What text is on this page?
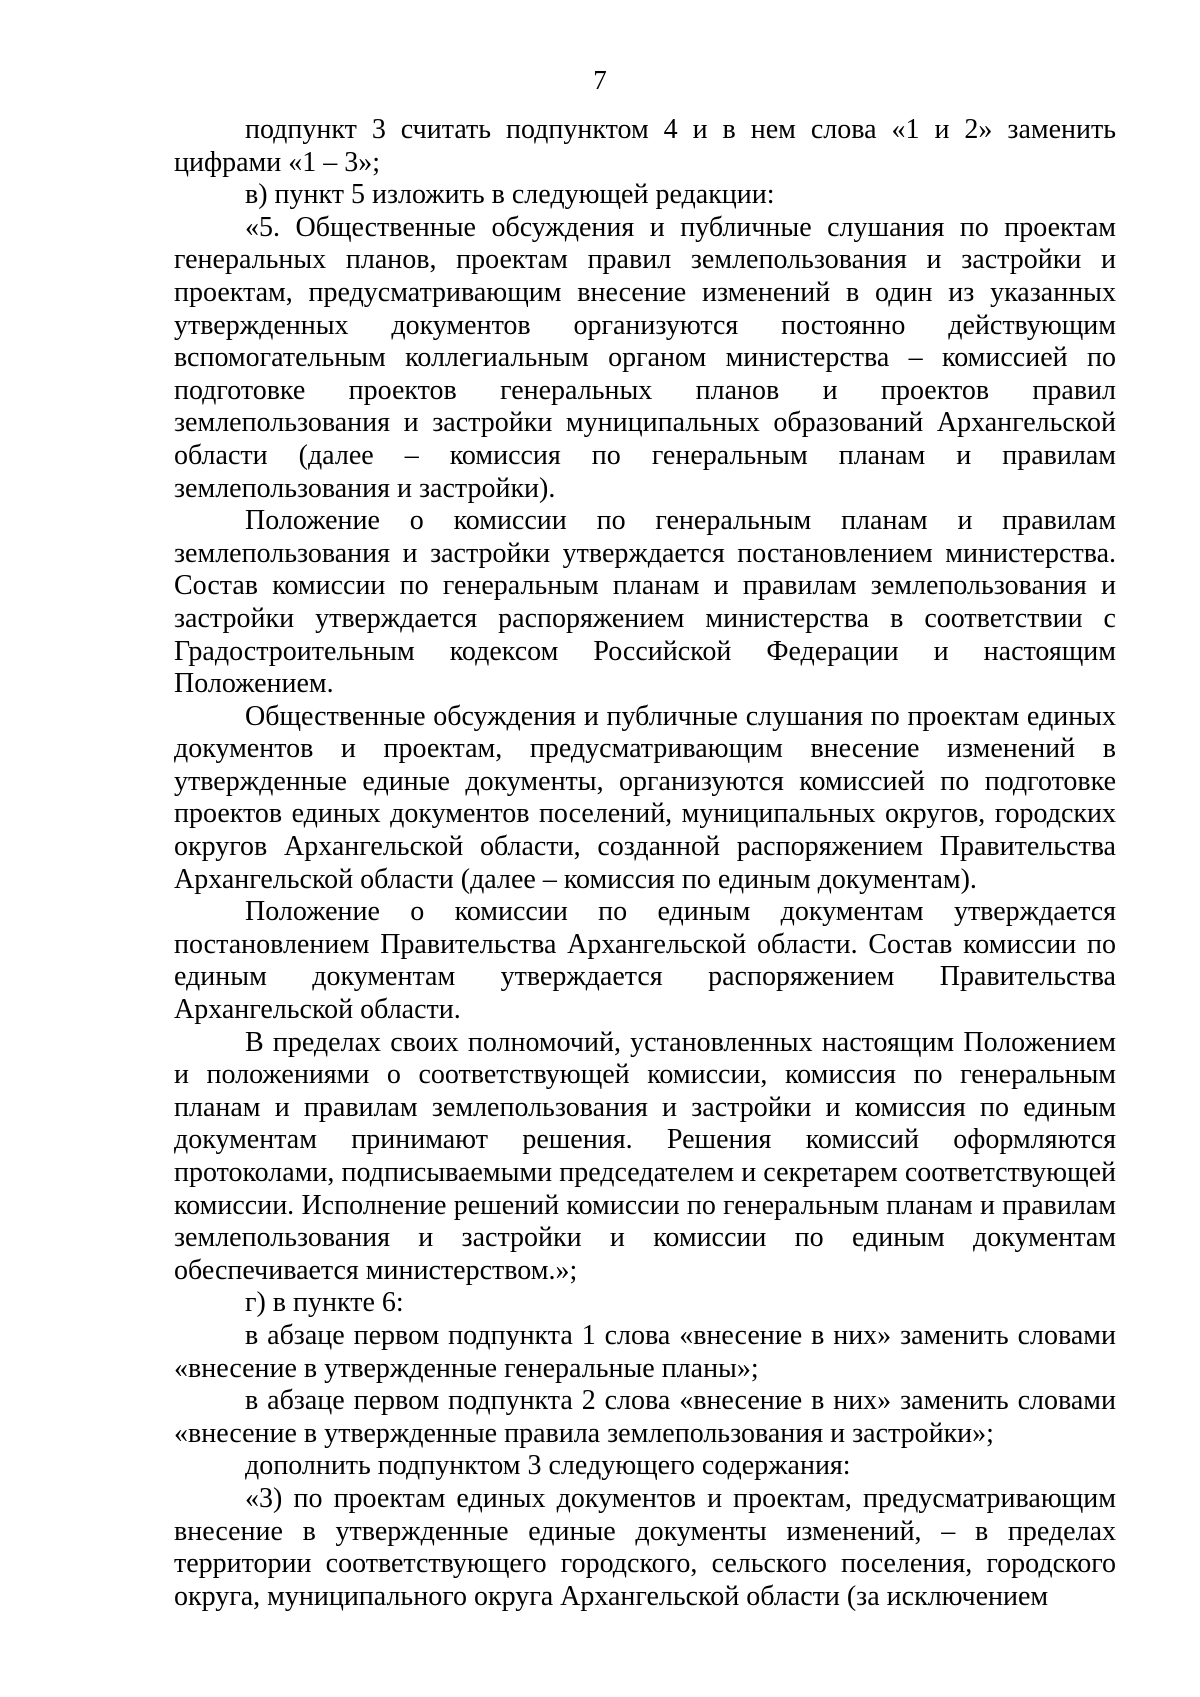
7

подпункт 3 считать подпунктом 4 и в нем слова «1 и 2» заменить цифрами «1 – 3»;

в) пункт 5 изложить в следующей редакции:

«5. Общественные обсуждения и публичные слушания по проектам генеральных планов, проектам правил землепользования и застройки и проектам, предусматривающим внесение изменений в один из указанных утвержденных документов организуются постоянно действующим вспомогательным коллегиальным органом министерства – комиссией по подготовке проектов генеральных планов и проектов правил землепользования и застройки муниципальных образований Архангельской области (далее – комиссия по генеральным планам и правилам землепользования и застройки).

Положение о комиссии по генеральным планам и правилам землепользования и застройки утверждается постановлением министерства. Состав комиссии по генеральным планам и правилам землепользования и застройки утверждается распоряжением министерства в соответствии с Градостроительным кодексом Российской Федерации и настоящим Положением.

Общественные обсуждения и публичные слушания по проектам единых документов и проектам, предусматривающим внесение изменений в утвержденные единые документы, организуются комиссией по подготовке проектов единых документов поселений, муниципальных округов, городских округов Архангельской области, созданной распоряжением Правительства Архангельской области (далее – комиссия по единым документам).

Положение о комиссии по единым документам утверждается постановлением Правительства Архангельской области. Состав комиссии по единым документам утверждается распоряжением Правительства Архангельской области.

В пределах своих полномочий, установленных настоящим Положением и положениями о соответствующей комиссии, комиссия по генеральным планам и правилам землепользования и застройки и комиссия по единым документам принимают решения. Решения комиссий оформляются протоколами, подписываемыми председателем и секретарем соответствующей комиссии. Исполнение решений комиссии по генеральным планам и правилам землепользования и застройки и комиссии по единым документам обеспечивается министерством.»;

г) в пункте 6:

в абзаце первом подпункта 1 слова «внесение в них» заменить словами «внесение в утвержденные генеральные планы»;

в абзаце первом подпункта 2 слова «внесение в них» заменить словами «внесение в утвержденные правила землепользования и застройки»;

дополнить подпунктом 3 следующего содержания:

«3) по проектам единых документов и проектам, предусматривающим внесение в утвержденные единые документы изменений, – в пределах территории соответствующего городского, сельского поселения, городского округа, муниципального округа Архангельской области (за исключением
